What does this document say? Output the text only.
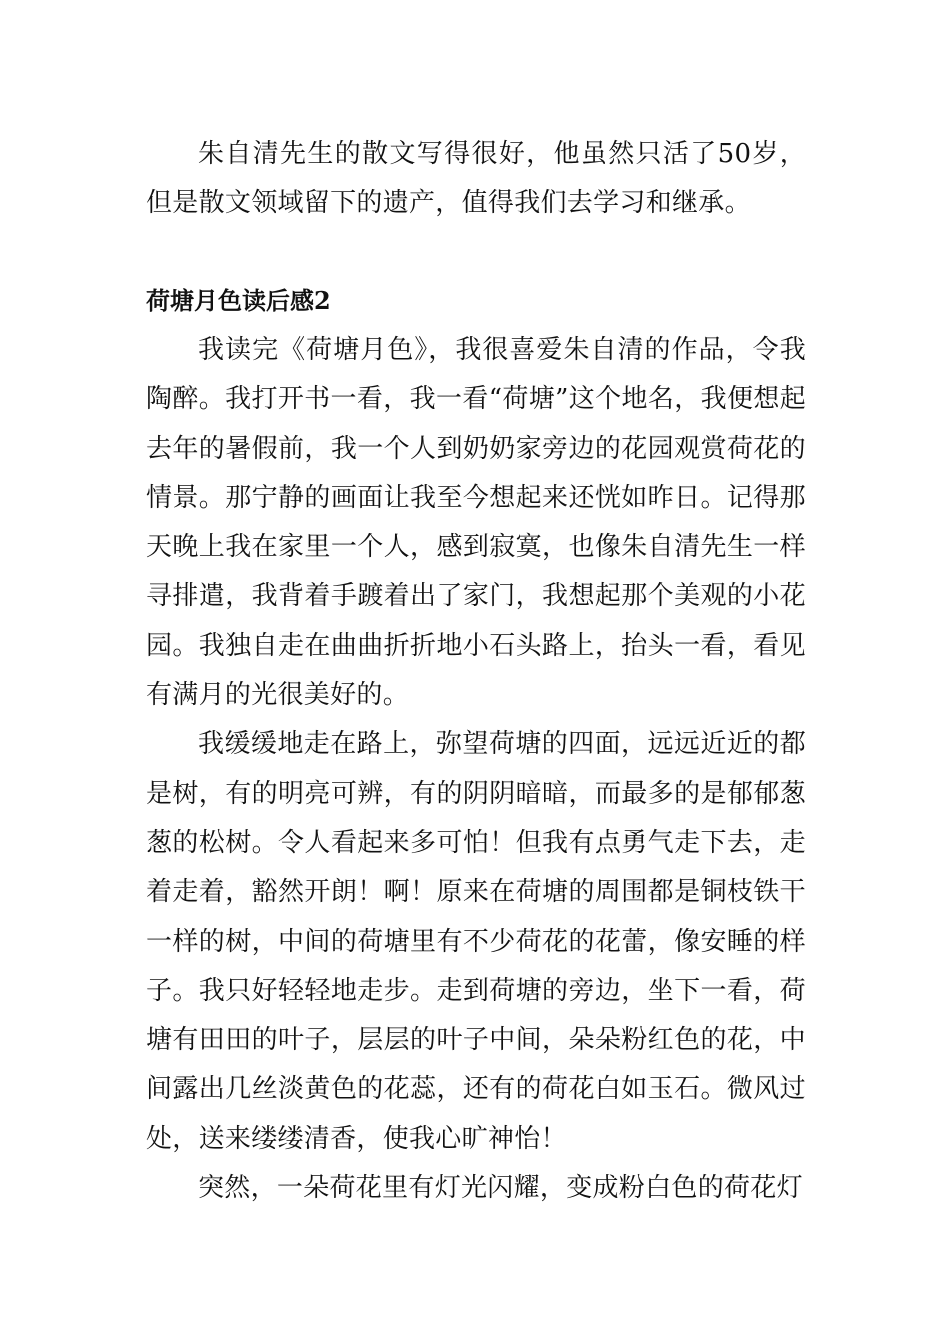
朱自清先生的散文写得很好，他虽然只活了50岁，但是散文领域留下的遗产，值得我们去学习和继承。

荷塘月色读后感2

我读完《荷塘月色》，我很喜爱朱自清的作品，令我陶醉。我打开书一看，我一看“荷塘”这个地名，我便想起去年的暑假前，我一个人到奶奶家旁边的花园观赏荷花的情景。那宁静的画面让我至今想起来还恍如昨日。记得那天晚上我在家里一个人，感到寂寞，也像朱自清先生一样寻排遣，我背着手踱着出了家门，我想起那个美观的小花园。我独自走在曲曲折折地小石头路上，抬头一看，看见有满月的光很美好的。

我缓缓地走在路上，弥望荷塘的四面，远远近近的都是树，有的明亮可辨，有的阴阴暗暗，而最多的是郁郁葱葱的松树。令人看起来多可怕！但我有点勇气走下去，走着走着，豁然开朗！啊！原来在荷塘的周围都是铜枝铁干一样的树，中间的荷塘里有不少荷花的花蕾，像安睡的样子。我只好轻轻地走步。走到荷塘的旁边，坐下一看，荷塘有田田的叶子，层层的叶子中间，朵朵粉红色的花，中间露出几丝淡黄色的花蕊，还有的荷花白如玉石。微风过处，送来缕缕清香，使我心旷神怡！

突然，一朵荷花里有灯光闪耀，变成粉白色的荷花灯
